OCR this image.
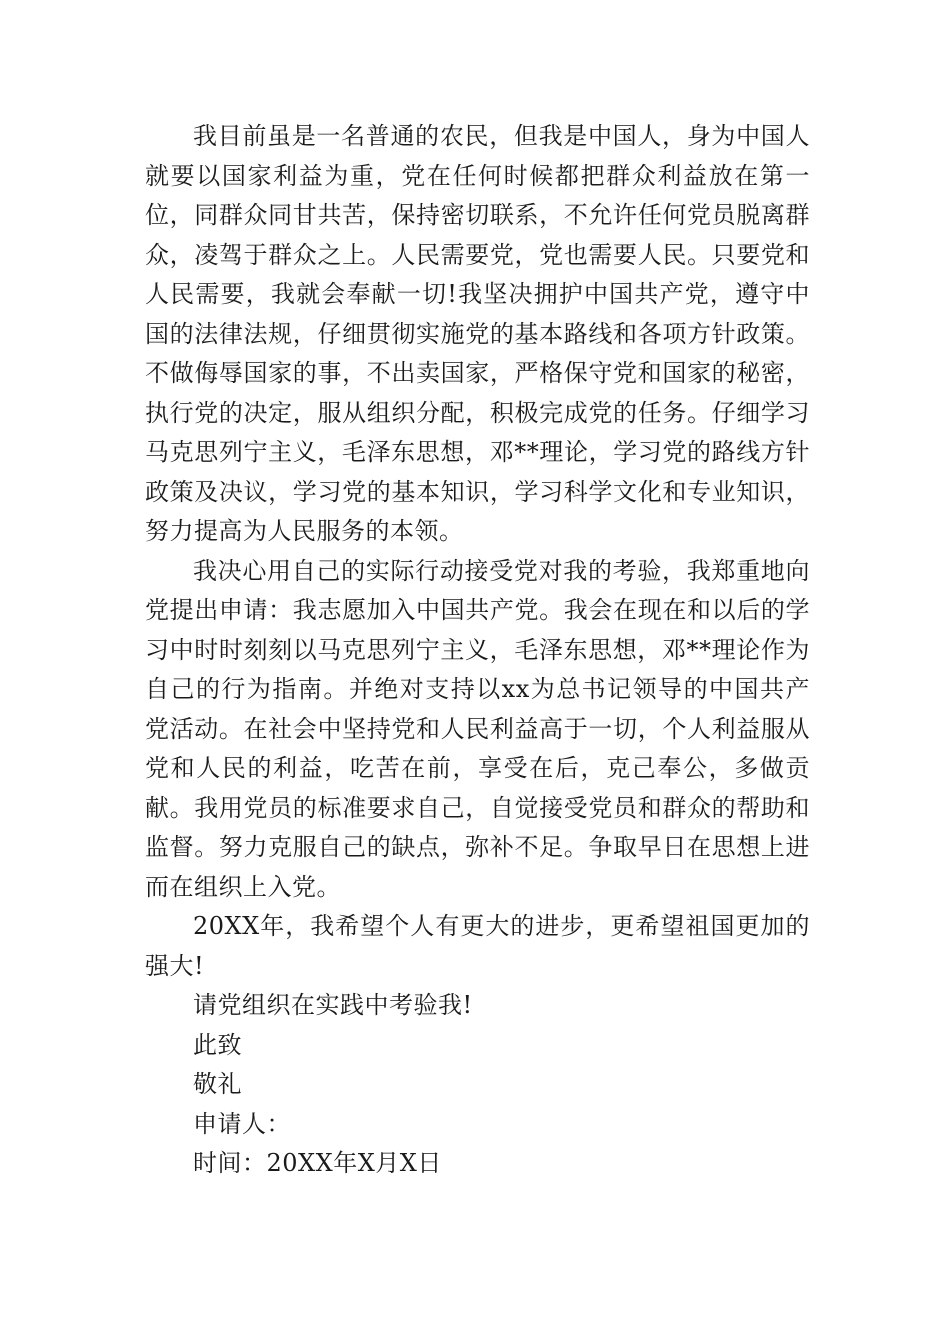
我目前虽是一名普通的农民，但我是中国人，身为中国人就要以国家利益为重，党在任何时候都把群众利益放在第一位，同群众同甘共苦，保持密切联系，不允许任何党员脱离群众，凌驾于群众之上。人民需要党，党也需要人民。只要党和人民需要，我就会奉献一切!我坚决拥护中国共产党，遵守中国的法律法规，仔细贯彻实施党的基本路线和各项方针政策。不做侮辱国家的事，不出卖国家，严格保守党和国家的秘密，执行党的决定，服从组织分配，积极完成党的任务。仔细学习马克思列宁主义，毛泽东思想，邓**理论，学习党的路线方针政策及决议，学习党的基本知识，学习科学文化和专业知识，努力提高为人民服务的本领。

我决心用自己的实际行动接受党对我的考验，我郑重地向党提出申请：我志愿加入中国共产党。我会在现在和以后的学习中时时刻刻以马克思列宁主义，毛泽东思想，邓**理论作为自己的行为指南。并绝对支持以xx为总书记领导的中国共产党活动。在社会中坚持党和人民利益高于一切，个人利益服从党和人民的利益，吃苦在前，享受在后，克己奉公，多做贡献。我用党员的标准要求自己，自觉接受党员和群众的帮助和监督。努力克服自己的缺点，弥补不足。争取早日在思想上进而在组织上入党。

20XX年，我希望个人有更大的进步，更希望祖国更加的强大!

请党组织在实践中考验我!

此致

敬礼

申请人：

时间：20XX年X月X日
